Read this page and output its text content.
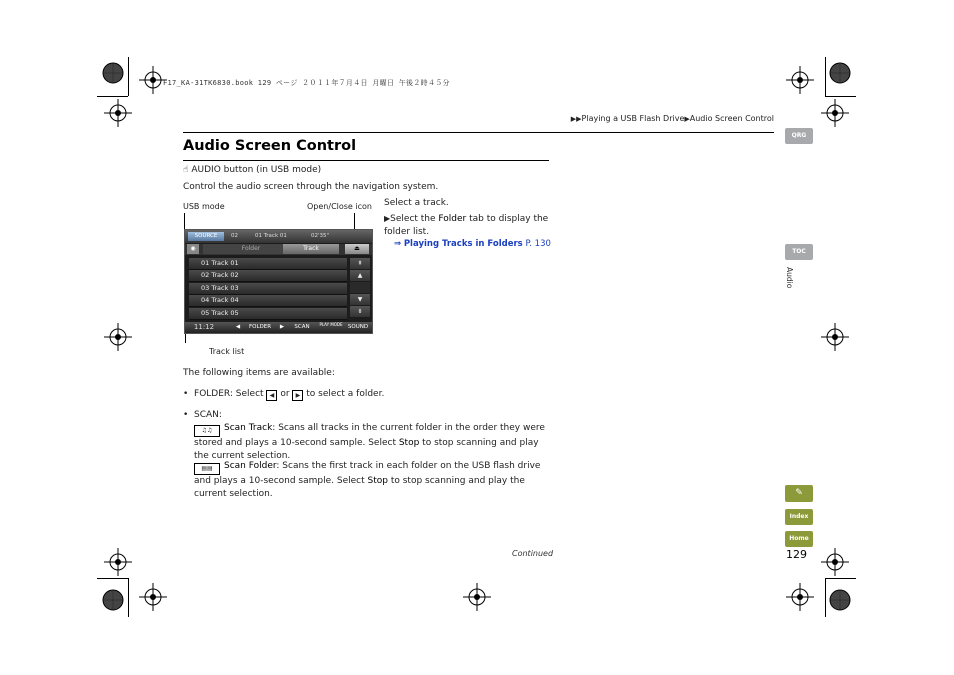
F17_KA-31TK6830.book 129 ページ ２０１１年７月４日 月曜日 午後２時４５分
▶▶Playing a USB Flash Drive▶Audio Screen Control
Audio Screen Control
☝ AUDIO button (in USB mode)
Control the audio screen through the navigation system.
USB mode	Open/Close icon
Track list
SOURCE	02	01 Track 01	02'35"
◉	Folder	Track	⏏
01 Track 01
02 Track 02
03 Track 03
04 Track 04
05 Track 05
⇞
▲
▼
⇟
11:12	◀	FOLDER	▶	SCAN	PLAY MODE SOUND
Select a track.
▶Select the Folder tab to display the folder list.
⇒ Playing Tracks in Folders P. 130
The following items are available:
•  FOLDER: Select ◀ or ▶ to select a folder.
•  SCAN:
♫♫ Scan Track: Scans all tracks in the current folder in the order they were stored and plays a 10-second sample. Select Stop to stop scanning and play the current selection.
▤▤ Scan Folder: Scans the first track in each folder on the USB flash drive and plays a 10-second sample. Select Stop to stop scanning and play the current selection.
Continued	129
QRG
TOC
Audio
✎
Index
Home
